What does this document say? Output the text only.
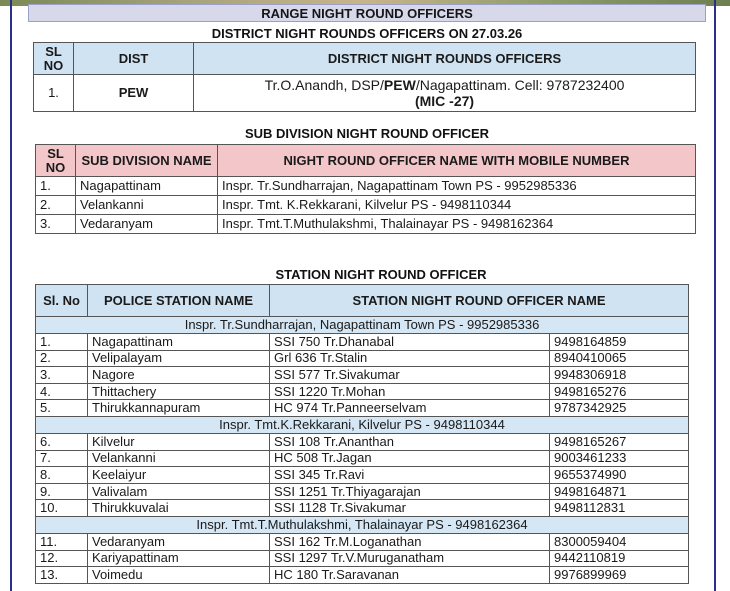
RANGE NIGHT ROUND OFFICERS
DISTRICT NIGHT ROUNDS OFFICERS ON 27.03.26
SL NO	DIST	DISTRICT NIGHT ROUNDS OFFICERS
1.	PEW	Tr.O.Anandh, DSP/PEW/Nagapattinam. Cell: 9787232400
(MIC -27)
SUB DIVISION NIGHT ROUND OFFICER
SL NO	SUB DIVISION NAME	NIGHT ROUND OFFICER NAME WITH MOBILE NUMBER
1.	Nagapattinam	Inspr. Tr.Sundharrajan, Nagapattinam Town PS - 9952985336
2.	Velankanni	Inspr. Tmt. K.Rekkarani, Kilvelur PS - 9498110344
3.	Vedaranyam	Inspr. Tmt.T.Muthulakshmi, Thalainayar PS - 9498162364
STATION NIGHT ROUND OFFICER
Sl. No	POLICE STATION NAME	STATION NIGHT ROUND OFFICER NAME	
Inspr. Tr.Sundharrajan, Nagapattinam Town PS - 9952985336			
1.	Nagapattinam	SSI 750 Tr.Dhanabal	9498164859
2.	Velipalayam	Grl 636 Tr.Stalin	8940410065
3.	Nagore	SSI 577 Tr.Sivakumar	9948306918
4.	Thittachery	SSI 1220 Tr.Mohan	9498165276
5.	Thirukkannapuram	HC 974 Tr.Panneerselvam	9787342925
Inspr. Tmt.K.Rekkarani, Kilvelur PS - 9498110344			
6.	Kilvelur	SSI 108 Tr.Ananthan	9498165267
7.	Velankanni	HC 508 Tr.Jagan	9003461233
8.	Keelaiyur	SSI 345 Tr.Ravi	9655374990
9.	Valivalam	SSI 1251 Tr.Thiyagarajan	9498164871
10.	Thirukkuvalai	SSI 1128 Tr.Sivakumar	9498112831
Inspr. Tmt.T.Muthulakshmi, Thalainayar PS - 9498162364			
11.	Vedaranyam	SSI 162 Tr.M.Loganathan	8300059404
12.	Kariyapattinam	SSI 1297 Tr.V.Muruganatham	9442110819
13.	Voimedu	HC 180 Tr.Saravanan	9976899969
